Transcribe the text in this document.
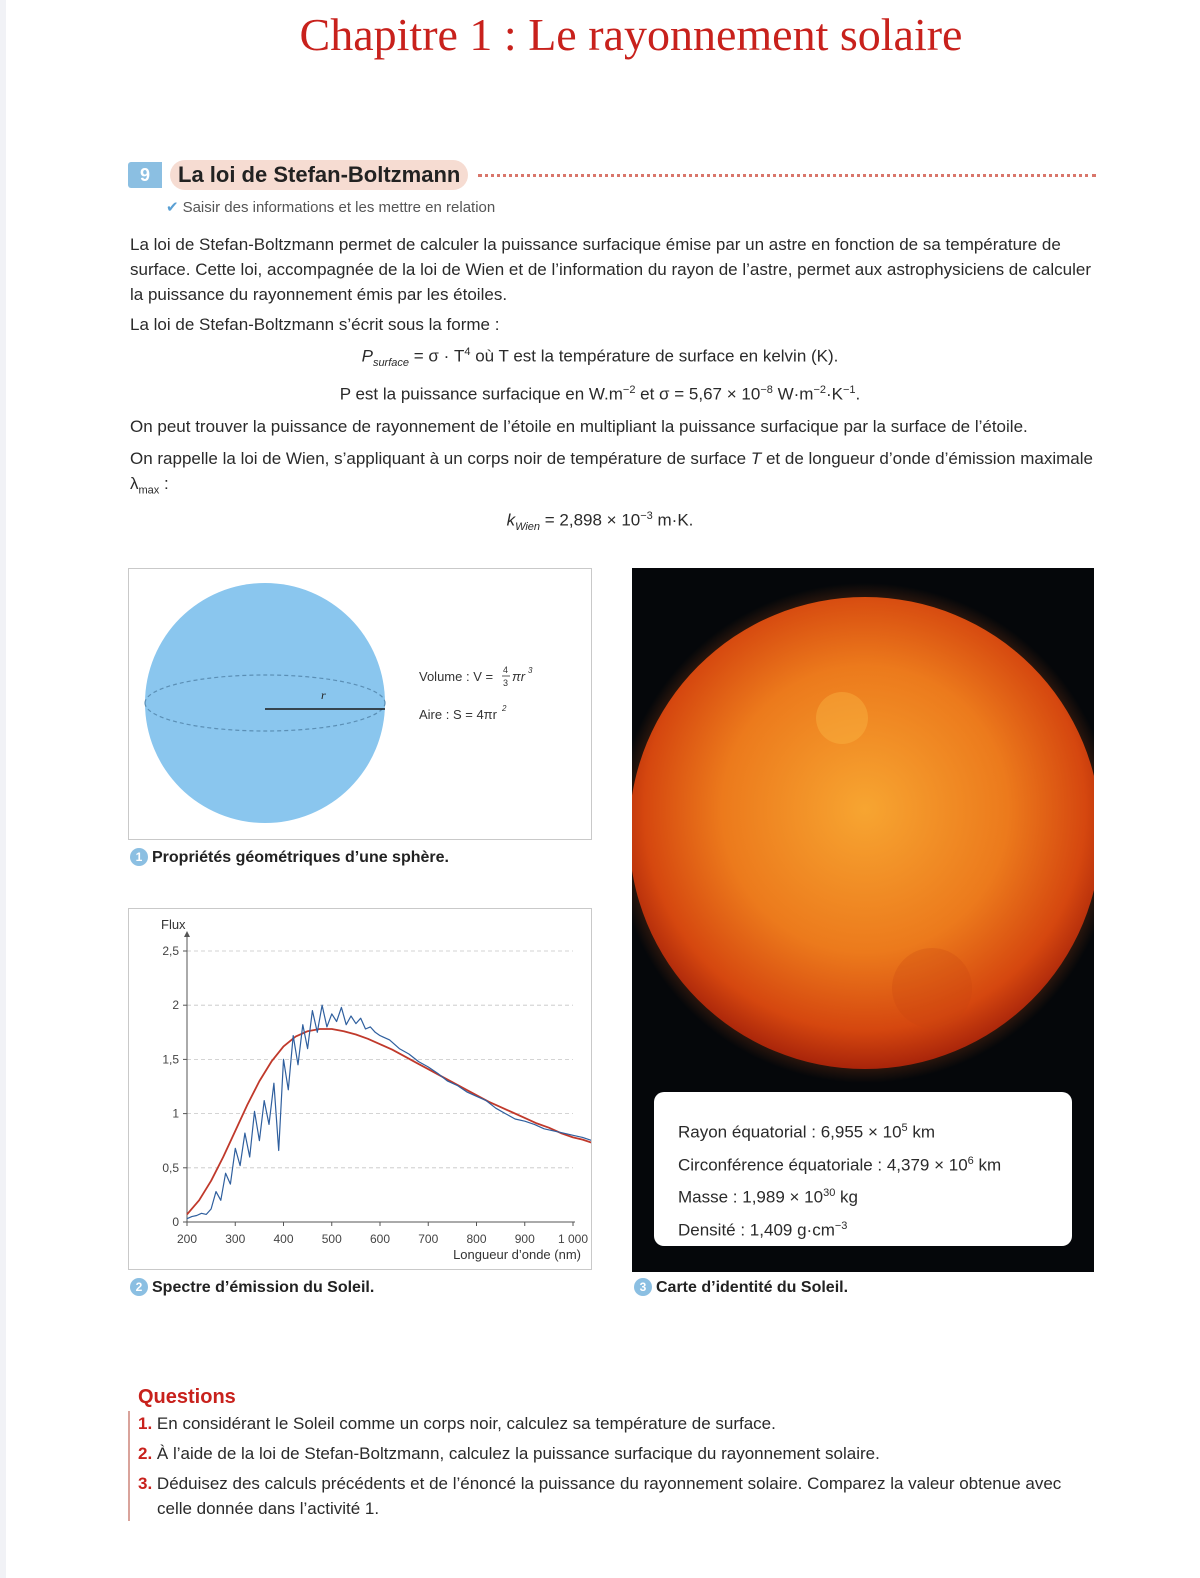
Chapitre 1 : Le rayonnement solaire
9	La loi de Stefan-Boltzmann
✔ Saisir des informations et les mettre en relation

La loi de Stefan-Boltzmann permet de calculer la puissance surfacique émise par un astre en fonction de sa température de surface. Cette loi, accompagnée de la loi de Wien et de l’information du rayon de l’astre, permet aux astrophysiciens de calculer la puissance du rayonnement émis par les étoiles.

La loi de Stefan-Boltzmann s’écrit sous la forme :

$P_{surface} = \sigma \cdot T^4$ où T est la température de surface en kelvin (K).
P est la puissance surfacique en $W.m^{-2}$ et $\sigma = 5,67 \times 10^{-8}$ $W\cdot m^{-2}\cdot K^{-1}$.

On peut trouver la puissance de rayonnement de l’étoile en multipliant la puissance surfacique par la surface de l’étoile.

On rappelle la loi de Wien, s’appliquant à un corps noir de température de surface T et de longueur d’onde d’émission maximale $\lambda_{max}$ :

$k_{Wien} = 2,898 \times 10^{-3}$ m·K.
r
Volume : V = 4
3 πr 3
Aire : S = 4πr 2
1 Propriétés géométriques d’une sphère.
0
0,5
1
1,5
2
2,5
200 300 400 500 600 700 800 900 1 000
Flux
Longueur d’onde (nm)
2 Spectre d’émission du Soleil.
Rayon équatorial : $6,955 \times 10^5$ km
Circonférence équatoriale : $4,379 \times 10^6$ km
Masse : $1,989 \times 10^{30}$ kg
Densité : 1,409 $g\cdot cm^{-3}$
3 Carte d’identité du Soleil.
Questions
1. En considérant le Soleil comme un corps noir, calculez sa température de surface.
2. À l’aide de la loi de Stefan-Boltzmann, calculez la puissance surfacique du rayonnement solaire.
3. Déduisez des calculs précédents et de l’énoncé la puissance du rayonnement solaire. Comparez la valeur obtenue avec celle donnée dans l’activité 1.
